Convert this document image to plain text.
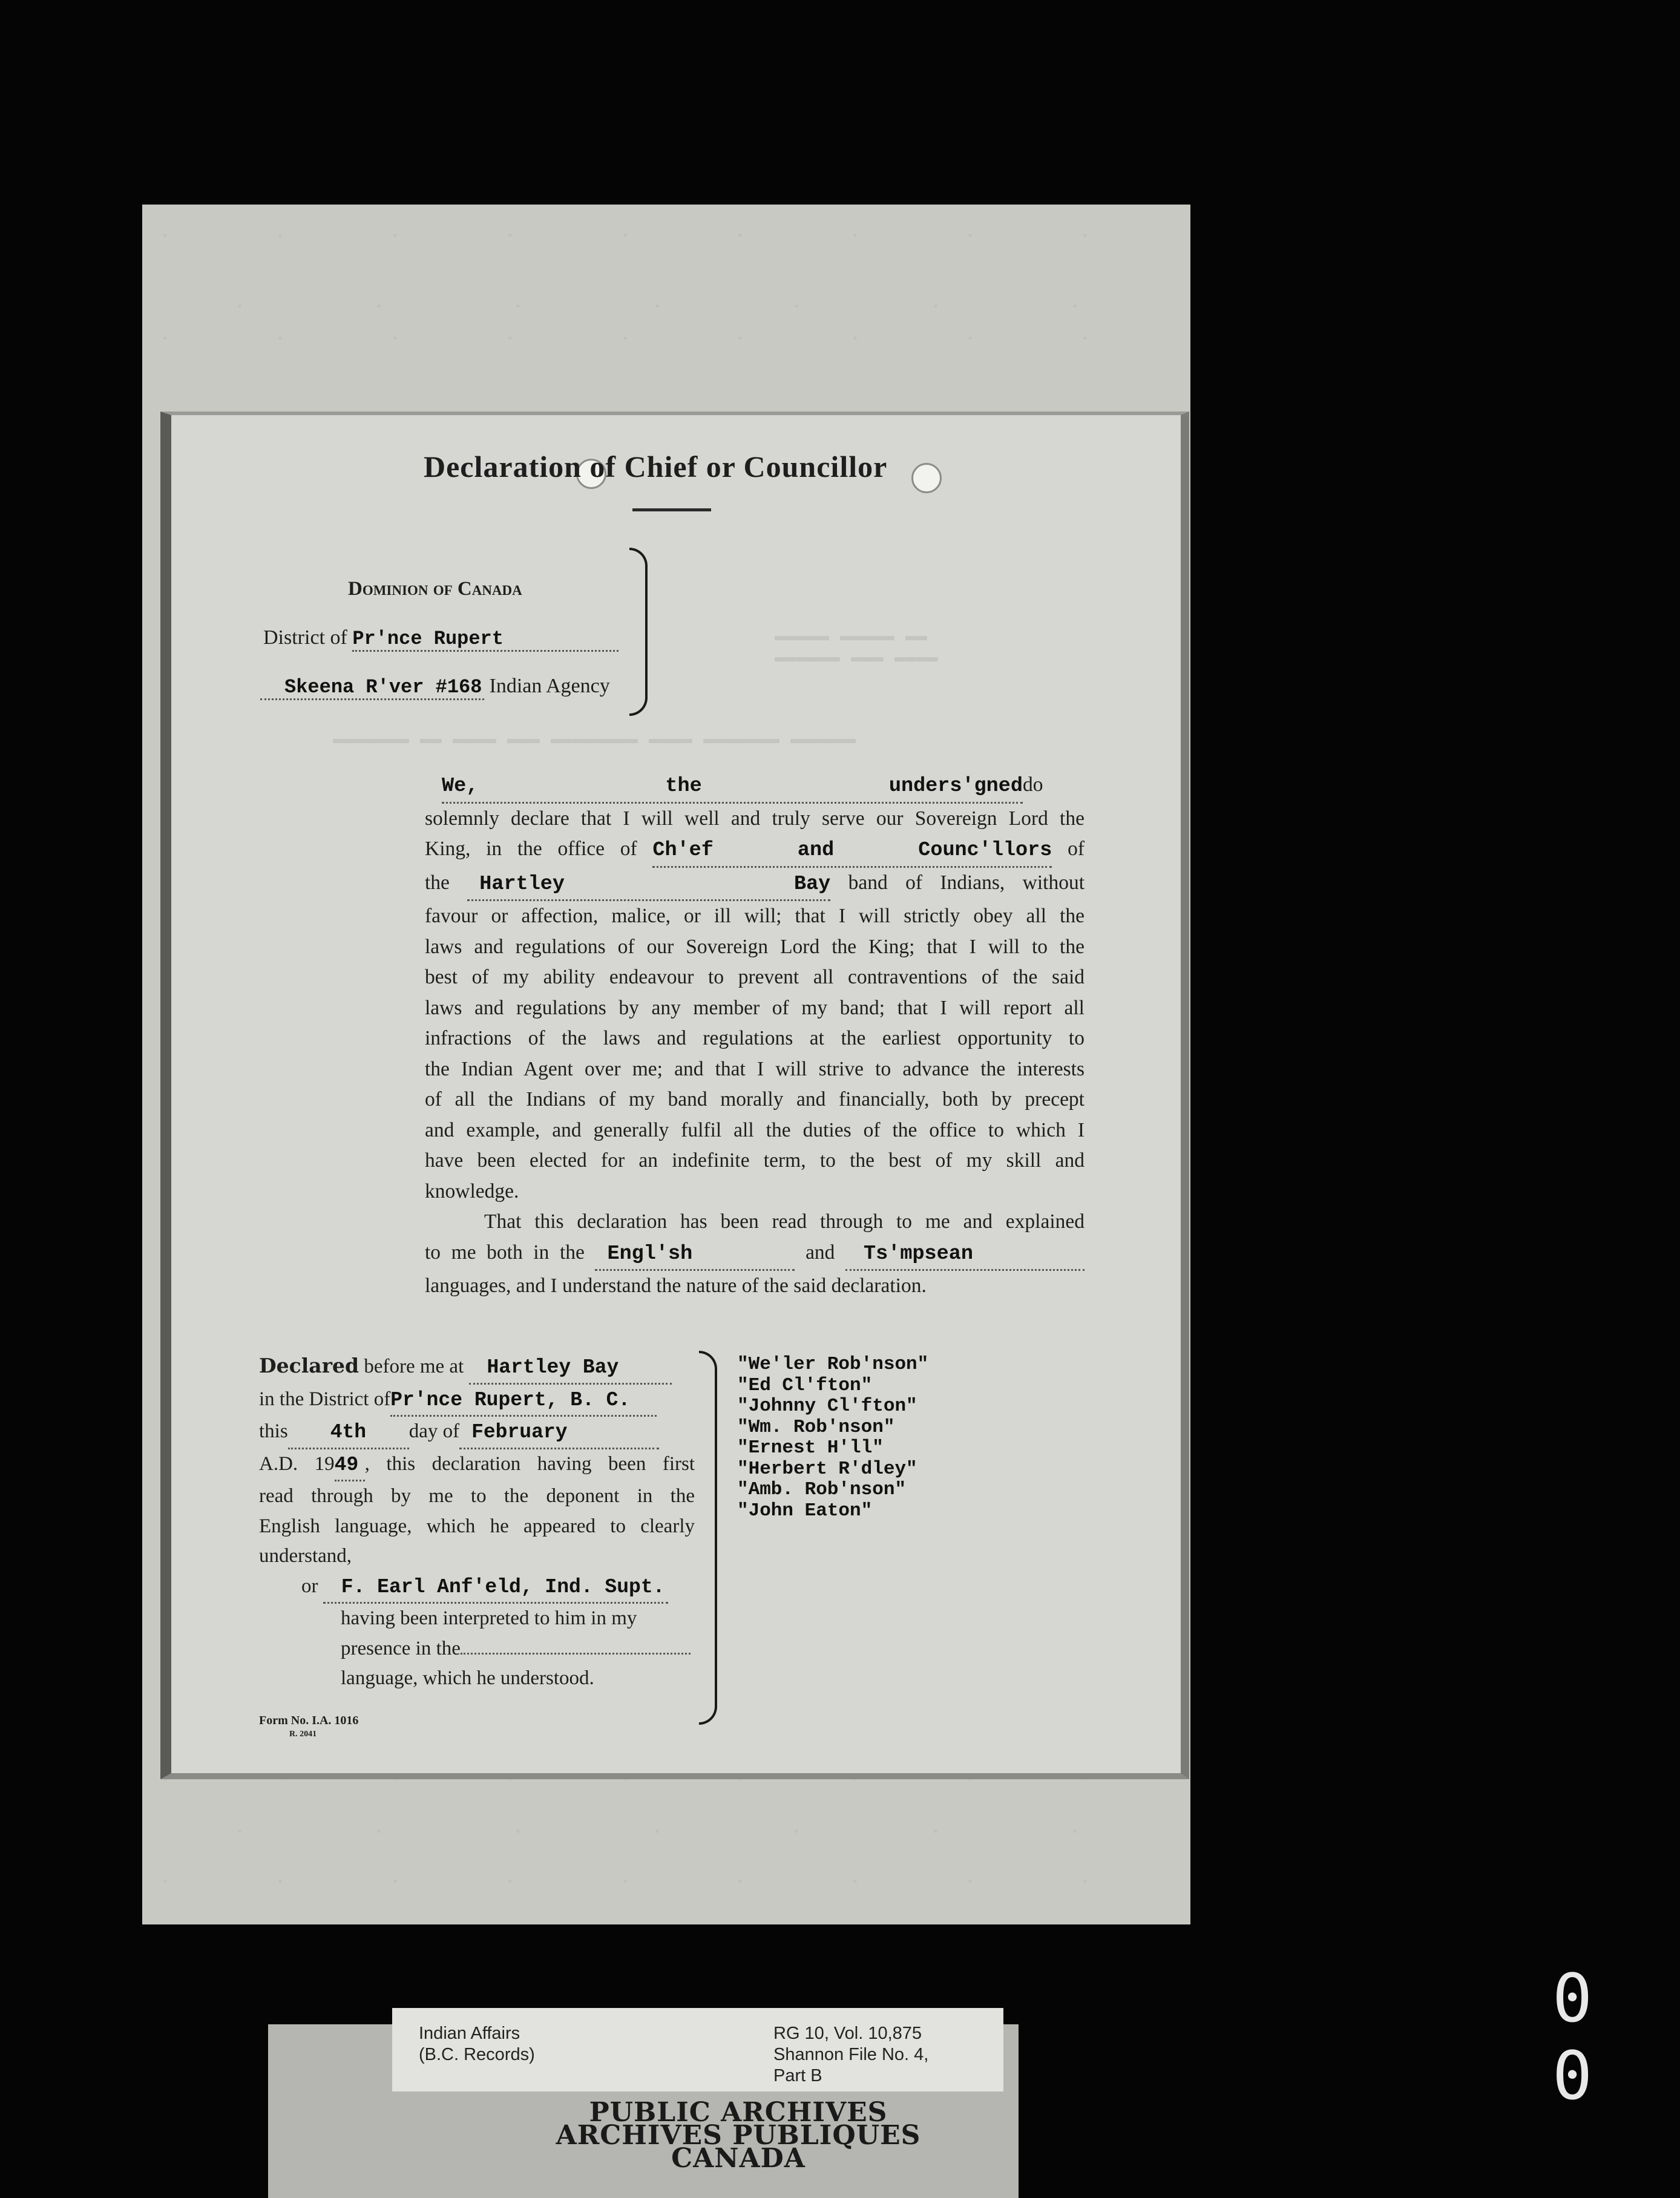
▬▬▬▬▬ ▬▬▬▬▬ ▬▬
▬▬▬▬▬▬ ▬▬▬ ▬▬▬▬
▬▬▬▬▬▬▬ ▬▬ ▬▬▬▬ ▬▬▬ ▬▬▬▬▬▬▬▬ ▬▬▬▬ ▬▬▬▬▬▬▬ ▬▬▬▬▬▬
Declaration of Chief or Councillor
Dominion of Canada
District of Pr'nce Rupert
Skeena R'ver #168 Indian Agency
We, the unders'gneddo
solemnly declare that I will well and truly serve our Sovereign Lord the
King, in the office of Ch'ef and Counc'llors of
the Hartley Bay band of Indians, without
favour or affection, malice, or ill will; that I will strictly obey all the
laws and regulations of our Sovereign Lord the King; that I will to the
best of my ability endeavour to prevent all contraventions of the said
laws and regulations by any member of my band; that I will report all
infractions of the laws and regulations at the earliest opportunity to
the Indian Agent over me; and that I will strive to advance the interests
of all the Indians of my band morally and financially, both by precept
and example, and generally fulfil all the duties of the office to which I
have been elected for an indefinite term, to the best of my skill and
knowledge.
That this declaration has been read through to me and explained
to me both in the Engl'sh	and Ts'mpsean
languages, and I understand the nature of the said declaration.
Declared before me at Hartley Bay
in the District ofPr'nce Rupert, B. C.
this 4th day of February
A.D. 1949 , this declaration having been first
read through by me to the deponent in the
English language, which he appeared to clearly
understand,
or F. Earl Anf'eld, Ind. Supt.
having been interpreted to him in my
presence in the
language, which he understood.
"We'ler Rob'nson"
"Ed Cl'fton"
"Johnny Cl'fton"
"Wm. Rob'nson"
"Ernest H'll"
"Herbert R'dley"
"Amb. Rob'nson"
"John Eaton"
Form No. I.A. 1016
R. 2041
0 0
Indian Affairs
(B.C. Records)
RG 10, Vol. 10,875
Shannon File No. 4,
Part B
PUBLIC ARCHIVES
ARCHIVES PUBLIQUES
CANADA
